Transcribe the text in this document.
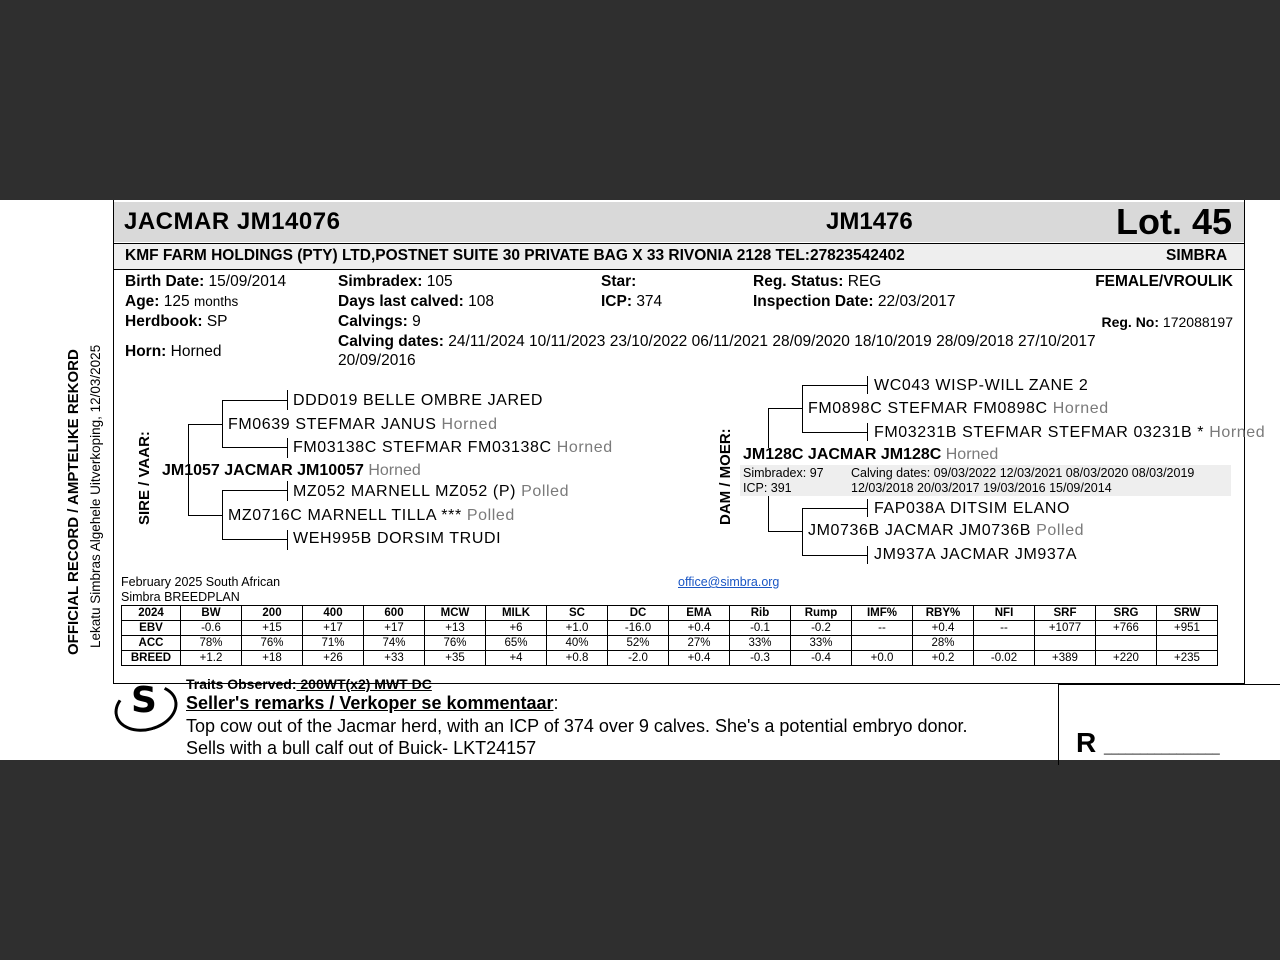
OFFICIAL RECORD / AMPTELIKE REKORD Lekatu Simbras Algehele Uitverkoping, 12/03/2025
JACMAR JM14076	JM1476	Lot. 45
KMF FARM HOLDINGS (PTY) LTD,POSTNET SUITE 30 PRIVATE BAG X 33 RIVONIA 2128 TEL:27823542402	SIMBRA
Birth Date: 15/09/2014
Age: 125 months
Herdbook: SP
Horn: Horned
Simbradex: 105
Days last calved: 108
Calvings: 9
Calving dates: 24/11/2024 10/11/2023 23/10/2022 06/11/2021 28/09/2020 18/10/2019 28/09/2018 27/10/2017
20/09/2016
Star:
ICP: 374
Reg. Status: REG
Inspection Date: 22/03/2017
FEMALE/VROULIK
Reg. No: 172088197
SIRE / VAAR:
DDD019 BELLE OMBRE JARED
FM0639 STEFMAR JANUS Horned
FM03138C STEFMAR FM03138C Horned
JM1057 JACMAR JM10057 Horned
MZ052 MARNELL MZ052 (P) Polled
MZ0716C MARNELL TILLA *** Polled
WEH995B DORSIM TRUDI
DAM / MOER:
WC043 WISP-WILL ZANE 2
FM0898C STEFMAR FM0898C Horned
FM03231B STEFMAR STEFMAR 03231B * Horned
JM128C JACMAR JM128C Horned
Simbradex: 97
ICP: 391
Calving dates: 09/03/2022 12/03/2021 08/03/2020 08/03/2019
12/03/2018 20/03/2017 19/03/2016 15/09/2014
FAP038A DITSIM ELANO
JM0736B JACMAR JM0736B Polled
JM937A JACMAR JM937A
February 2025 South African
Simbra BREEDPLAN
office@simbra.org
2024	BW	200	400	600	MCW	MILK	SC	DC	EMA	Rib	Rump	IMF%	RBY%	NFI	SRF	SRG	SRW
EBV	-0.6	+15	+17	+17	+13	+6	+1.0	-16.0	+0.4	-0.1	-0.2	--	+0.4	--	+1077	+766	+951
ACC	78%	76%	71%	74%	76%	65%	40%	52%	27%	33%	33%		28%				
BREED	+1.2	+18	+26	+33	+35	+4	+0.8	-2.0	+0.4	-0.3	-0.4	+0.0	+0.2	-0.02	+389	+220	+235
S Traits Observed: 200WT(x2) MWT DC
Seller's remarks / Verkoper se kommentaar:
Top cow out of the Jacmar herd, with an ICP of 374 over 9 calves. She's a potential embryo donor.
Sells with a bull calf out of Buick- LKT24157	R ________________
